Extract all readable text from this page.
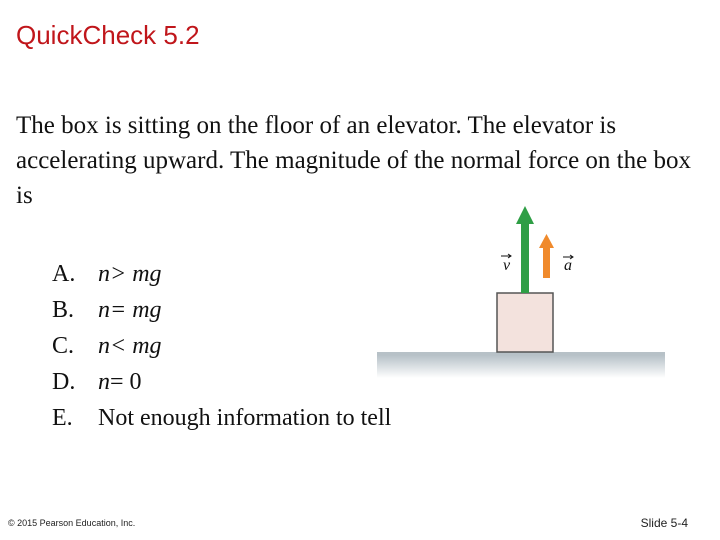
QuickCheck 5.2

The box is sitting on the floor of an elevator. The elevator is accelerating upward. The magnitude of the normal force on the box is

A. n > mg
B. n = mg
C. n < mg
D. n = 0
E.	Not enough information to tell
v	a
© 2015 Pearson Education, Inc.	Slide 5-4
